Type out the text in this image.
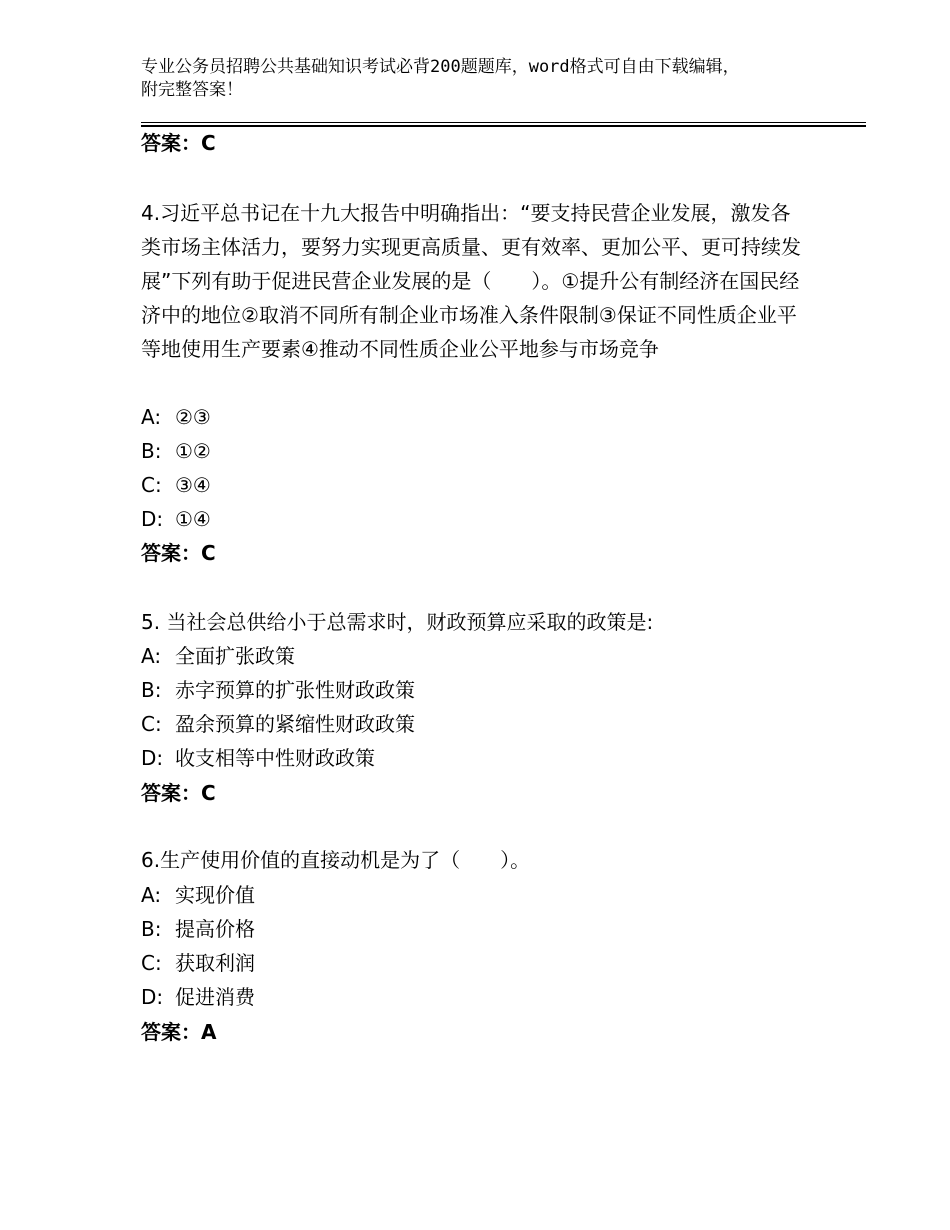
专业公务员招聘公共基础知识考试必背200题题库，word格式可自由下载编辑，
附完整答案！
答案：C
4.习近平总书记在十九大报告中明确指出：“要支持民营企业发展，激发各类市场主体活力，要努力实现更高质量、更有效率、更加公平、更可持续发展”下列有助于促进民营企业发展的是（　　）。①提升公有制经济在国民经济中的地位②取消不同所有制企业市场准入条件限制③保证不同性质企业平等地使用生产要素④推动不同性质企业公平地参与市场竞争
A: ②③
B: ①②
C: ③④
D: ①④
答案：C
5. 当社会总供给小于总需求时，财政预算应采取的政策是:
A: 全面扩张政策
B: 赤字预算的扩张性财政政策
C: 盈余预算的紧缩性财政政策
D: 收支相等中性财政政策
答案：C
6.生产使用价值的直接动机是为了（　　）。
A: 实现价值
B: 提高价格
C: 获取利润
D: 促进消费
答案：A
